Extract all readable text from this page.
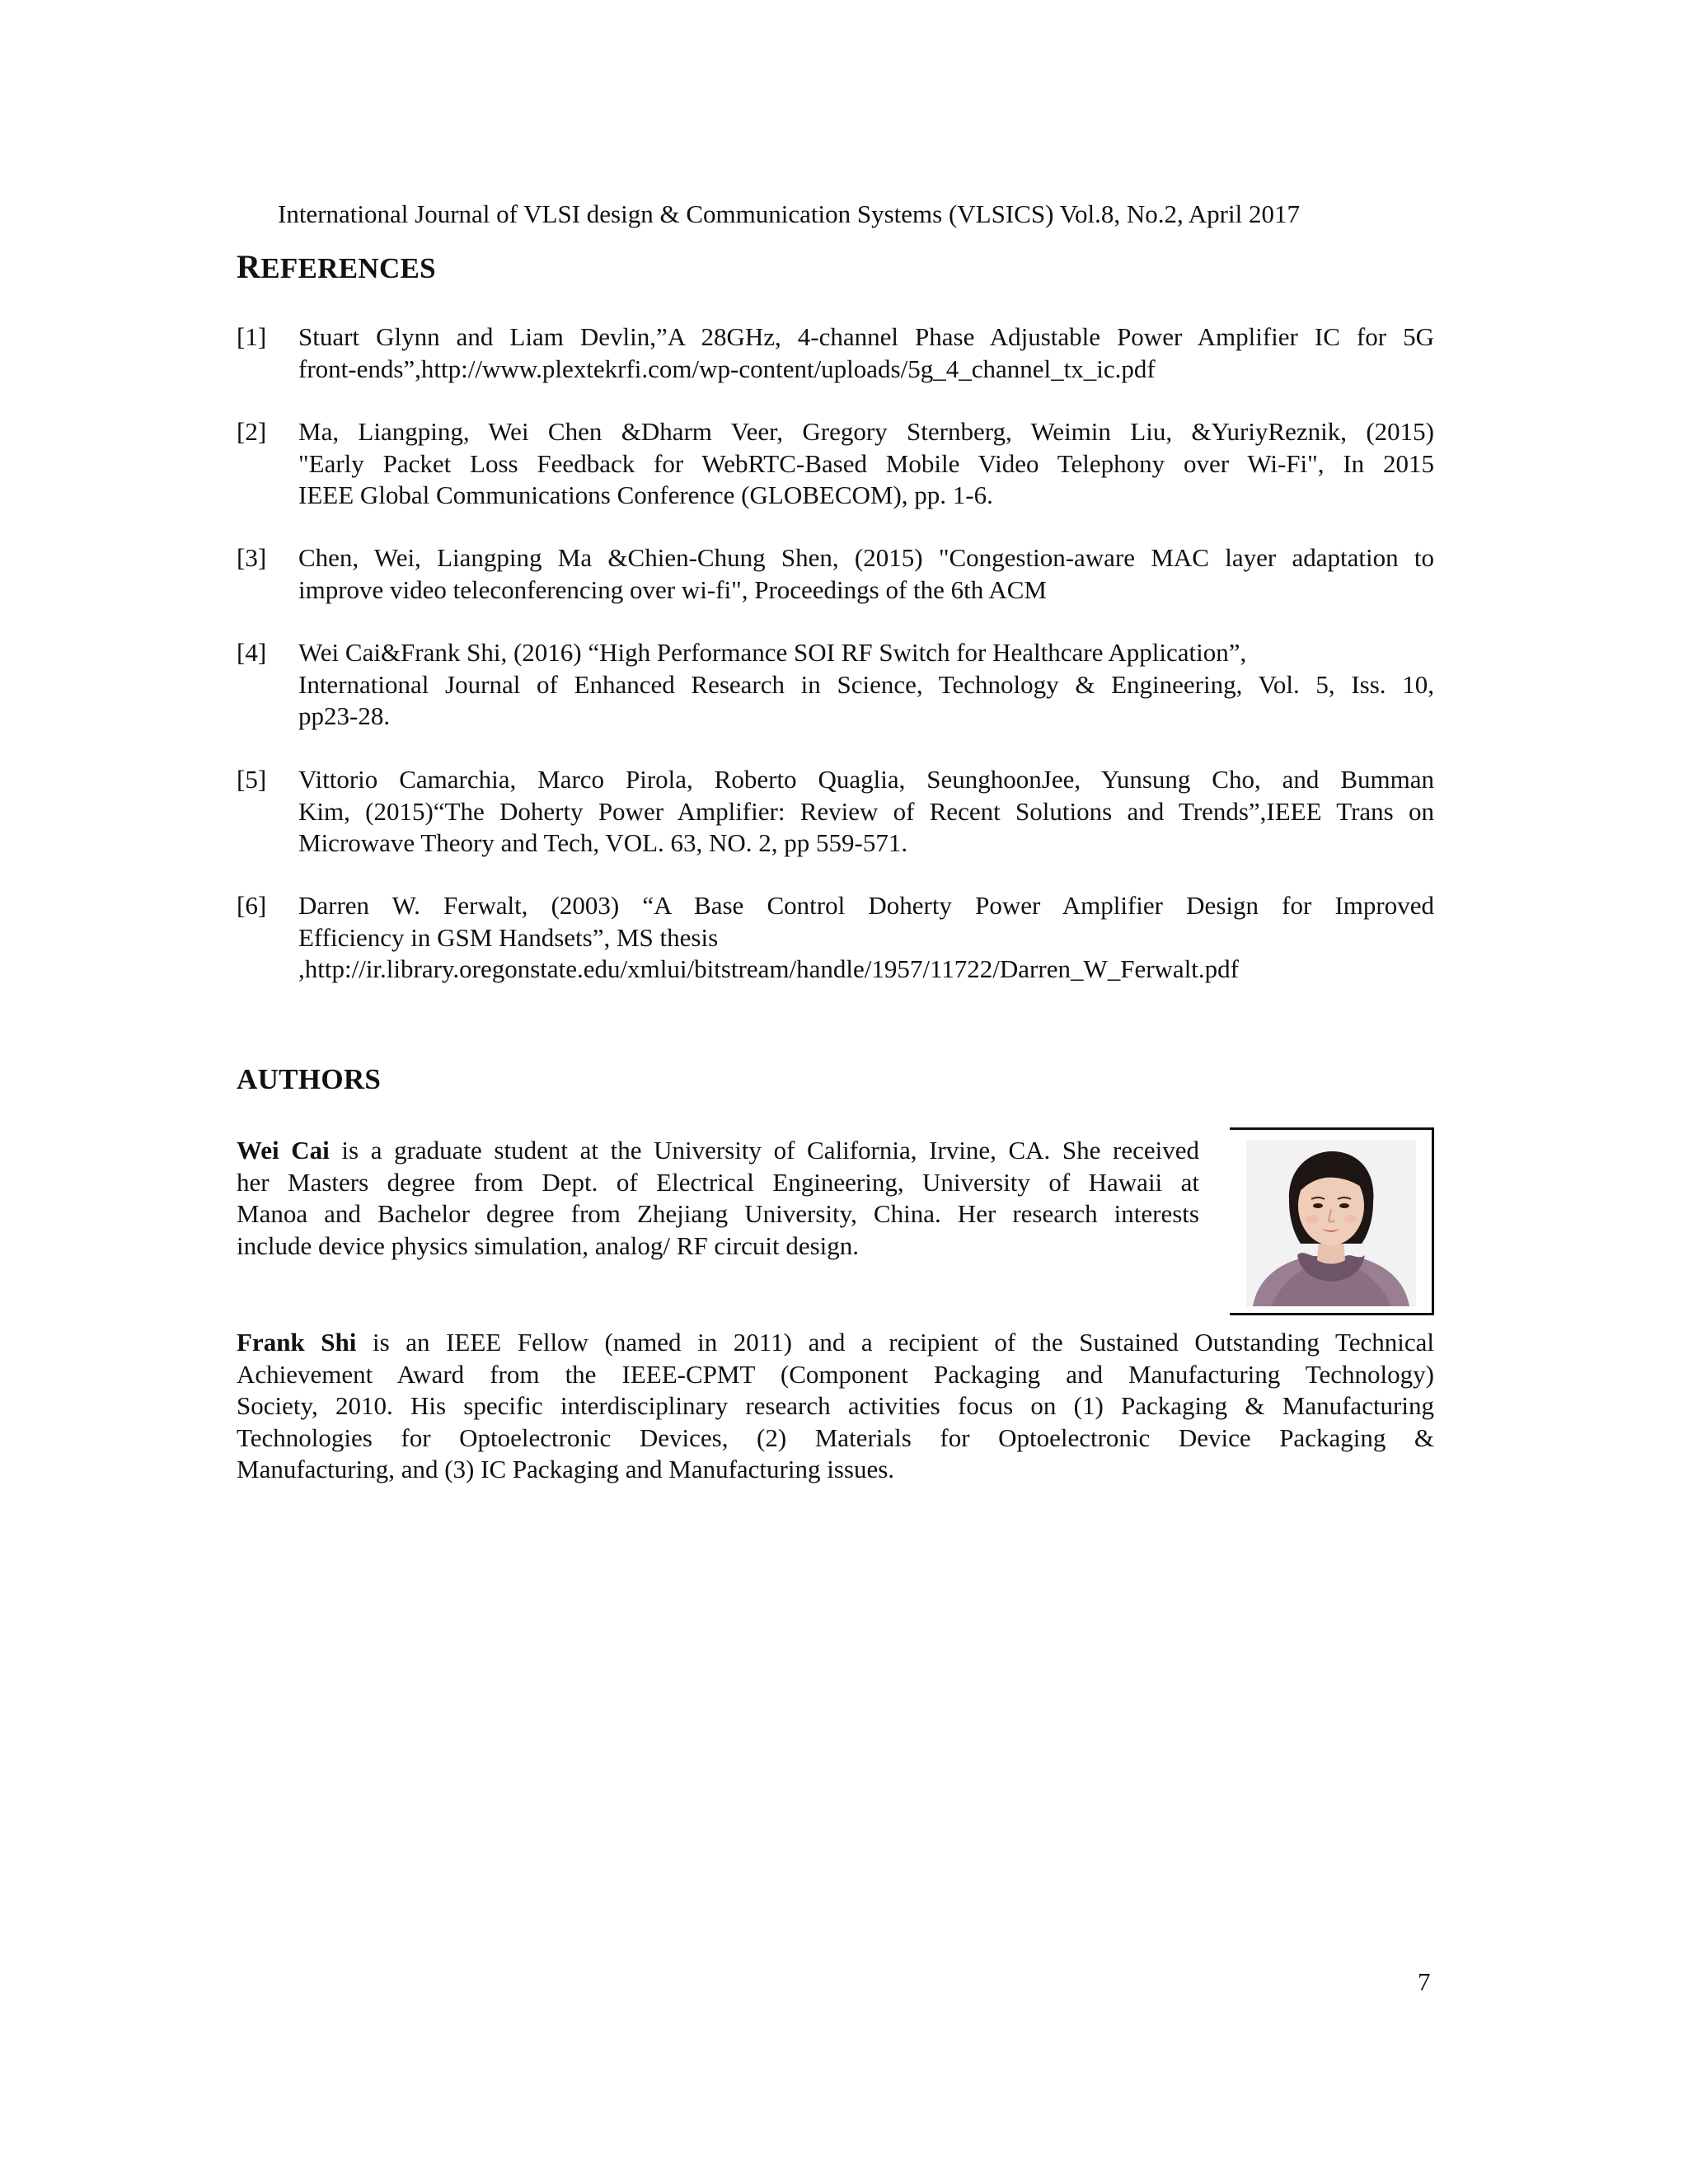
International Journal of VLSI design & Communication Systems (VLSICS) Vol.8, No.2, April 2017
REFERENCES
[1]	Stuart Glynn and Liam Devlin,”A 28GHz, 4-channel Phase Adjustable Power Amplifier IC for 5G
front-ends”,http://www.plextekrfi.com/wp-content/uploads/5g_4_channel_tx_ic.pdf
[2]	Ma, Liangping, Wei Chen &Dharm Veer, Gregory Sternberg, Weimin Liu, &YuriyReznik, (2015)
"Early Packet Loss Feedback for WebRTC-Based Mobile Video Telephony over Wi-Fi", In 2015
IEEE Global Communications Conference (GLOBECOM), pp. 1-6.
[3]	Chen, Wei, Liangping Ma &Chien-Chung Shen, (2015) "Congestion-aware MAC layer adaptation to
improve video teleconferencing over wi-fi", Proceedings of the 6th ACM
[4]	Wei Cai&Frank Shi, (2016) “High Performance SOI RF Switch for Healthcare Application”,
International Journal of Enhanced Research in Science, Technology & Engineering, Vol. 5, Iss. 10,
pp23-28.
[5]	Vittorio Camarchia, Marco Pirola, Roberto Quaglia, SeunghoonJee, Yunsung Cho, and Bumman
Kim, (2015)“The Doherty Power Amplifier: Review of Recent Solutions and Trends”,IEEE Trans on
Microwave Theory and Tech, VOL. 63, NO. 2, pp 559-571.
[6]	Darren W. Ferwalt, (2003) “A Base Control Doherty Power Amplifier Design for Improved
Efficiency in GSM Handsets”, MS thesis
,http://ir.library.oregonstate.edu/xmlui/bitstream/handle/1957/11722/Darren_W_Ferwalt.pdf
AUTHORS
Wei Cai is a graduate student at the University of California, Irvine, CA. She received
her Masters degree from Dept. of Electrical Engineering, University of Hawaii at
Manoa and Bachelor degree from Zhejiang University, China. Her research interests
include device physics simulation, analog/ RF circuit design.
Frank Shi is an IEEE Fellow (named in 2011) and a recipient of the Sustained Outstanding Technical
Achievement Award from the IEEE-CPMT (Component Packaging and Manufacturing Technology)
Society, 2010. His specific interdisciplinary research activities focus on (1) Packaging & Manufacturing
Technologies for Optoelectronic Devices, (2) Materials for Optoelectronic Device Packaging &
Manufacturing, and (3) IC Packaging and Manufacturing issues.
7
